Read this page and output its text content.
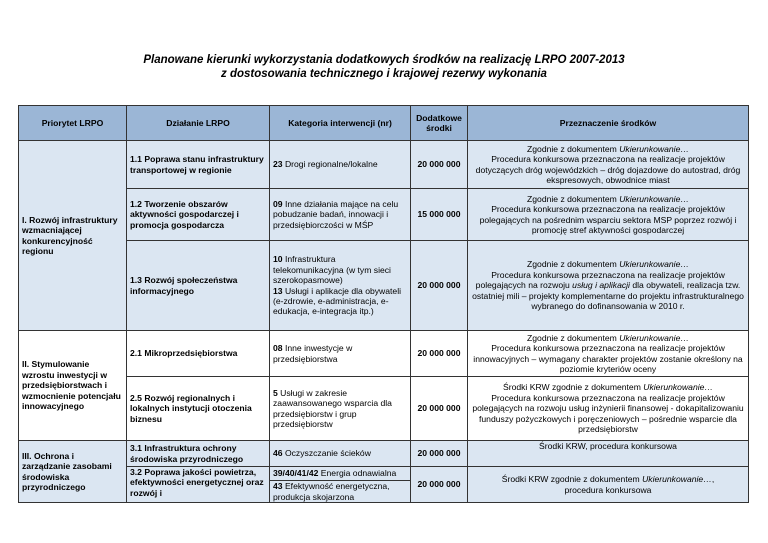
Planowane kierunki wykorzystania dodatkowych środków na realizację LRPO 2007-2013
z dostosowania technicznego i krajowej rezerwy wykonania
Priorytet LRPO	Działanie LRPO	Kategoria interwencji (nr)	Dodatkowe środki	Przeznaczenie środków
I. Rozwój infrastruktury wzmacniającej konkurencyjność regionu	1.1 Poprawa stanu infrastruktury transportowej w regionie	23 Drogi regionalne/lokalne	20 000 000	Zgodnie z dokumentem Ukierunkowanie…
Procedura konkursowa przeznaczona na realizacje projektów dotyczących dróg wojewódzkich – dróg dojazdowe do autostrad, dróg ekspresowych, obwodnice miast
	1.2 Tworzenie obszarów aktywności gospodarczej i promocja gospodarcza	09 Inne działania mające na celu pobudzanie badań, innowacji i przedsiębiorczości w MŚP	15 000 000	Zgodnie z dokumentem Ukierunkowanie…
Procedura konkursowa przeznaczona na realizacje projektów polegających na pośrednim wsparciu sektora MSP poprzez rozwój i promocję stref aktywności gospodarczej
	1.3 Rozwój społeczeństwa informacyjnego	10 Infrastruktura telekomunikacyjna (w tym sieci szerokopasmowe)
13 Usługi i aplikacje dla obywateli (e-zdrowie, e-administracja, e-edukacja, e-integracja itp.)	20 000 000	Zgodnie z dokumentem Ukierunkowanie…
Procedura konkursowa przeznaczona na realizacje projektów polegających na rozwoju usług i aplikacji dla obywateli, realizacja tzw. ostatniej mili – projekty komplementarne do projektu infrastrukturalnego wybranego do dofinansowania w 2010 r.
II. Stymulowanie wzrostu inwestycji w przedsiębiorstwach i wzmocnienie potencjału innowacyjnego	2.1 Mikroprzedsiębiorstwa	08 Inne inwestycje w przedsiębiorstwa	20 000 000	Zgodnie z dokumentem Ukierunkowanie…
Procedura konkursowa przeznaczona na realizacje projektów innowacyjnych – wymagany charakter projektów zostanie określony na poziomie kryteriów oceny
	2.5 Rozwój regionalnych i lokalnych instytucji otoczenia biznesu	5 Usługi w zakresie zaawansowanego wsparcia dla przedsiębiorstw i grup przedsiębiorstw	20 000 000	Środki KRW zgodnie z dokumentem Ukierunkowanie…
Procedura konkursowa przeznaczona na realizacje projektów polegających na rozwoju usług inżynierii finansowej - dokapitalizowaniu funduszy pożyczkowych i poręczeniowych – pośrednie wsparcie dla przedsiębiorstw
III. Ochrona i zarządzanie zasobami środowiska przyrodniczego	3.1 Infrastruktura ochrony środowiska przyrodniczego	46 Oczyszczanie ścieków	20 000 000	Środki KRW, procedura konkursowa
	3.2 Poprawa jakości powietrza, efektywności energetycznej oraz rozwój i	39/40/41/42 Energia odnawialna	20 000 000	Środki KRW zgodnie z dokumentem Ukierunkowanie…,
procedura konkursowa
		43 Efektywność energetyczna, produkcja skojarzona		
